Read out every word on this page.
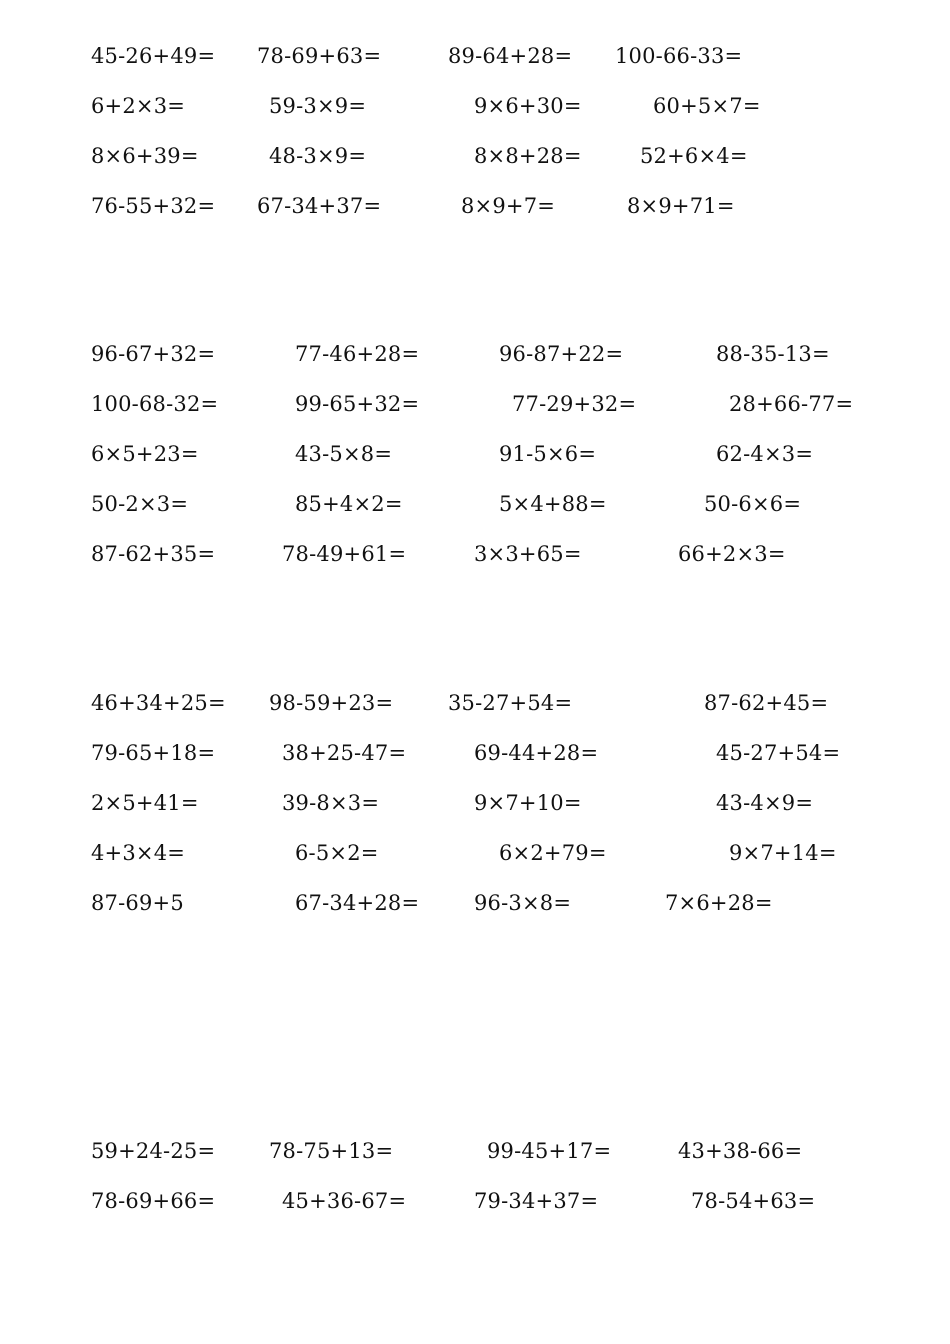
45-26+49= 78-69+63=	89-64+28= 100-66-33=
6+2×3=	59-3×9=	9×6+30=	60+5×7=
8×6+39=	48-3×9=	8×8+28=	52+6×4=
76-55+32= 67-34+37=	8×9+7=	8×9+71=
96-67+32=	77-46+28=	96-87+22=	88-35-13=
100-68-32=	99-65+32=	77-29+32=	28+66-77=
6×5+23=	43-5×8=	91-5×6=	62-4×3=
50-2×3=	85+4×2=	5×4+88=	50-6×6=
87-62+35=	78-49+61=	3×3+65=	66+2×3=
46+34+25= 98-59+23=	35-27+54=	87-62+45=
79-65+18=	38+25-47=	69-44+28=	45-27+54=
2×5+41=	39-8×3=	9×7+10=	43-4×9=
4+3×4=	6-5×2=	6×2+79=	9×7+14=
87-69+5	67-34+28=	96-3×8=	7×6+28=
59+24-25=	78-75+13=	99-45+17=	43+38-66=
78-69+66=	45+36-67=	79-34+37=	78-54+63=
